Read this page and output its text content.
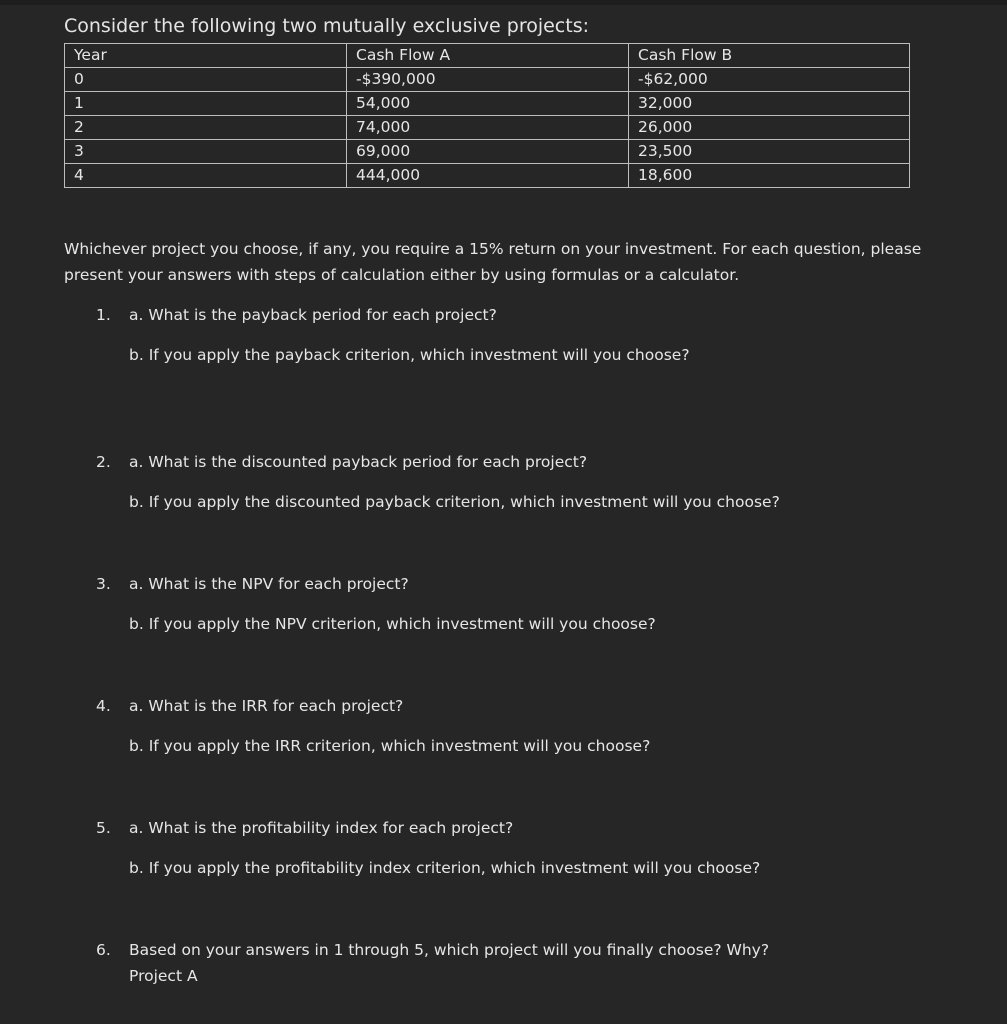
Consider the following two mutually exclusive projects:
Year	Cash Flow A	Cash Flow B
0	-$390,000	-$62,000
1	54,000	32,000
2	74,000	26,000
3	69,000	23,500
4	444,000	18,600
Whichever project you choose, if any, you require a 15% return on your investment. For each question, please present your answers with steps of calculation either by using formulas or a calculator.
1. a. What is the payback period for each project?
b. If you apply the payback criterion, which investment will you choose?
2. a. What is the discounted payback period for each project?
b. If you apply the discounted payback criterion, which investment will you choose?
3. a. What is the NPV for each project?
b. If you apply the NPV criterion, which investment will you choose?
4. a. What is the IRR for each project?
b. If you apply the IRR criterion, which investment will you choose?
5. a. What is the profitability index for each project?
b. If you apply the profitability index criterion, which investment will you choose?
6. Based on your answers in 1 through 5, which project will you finally choose? Why?
Project A
